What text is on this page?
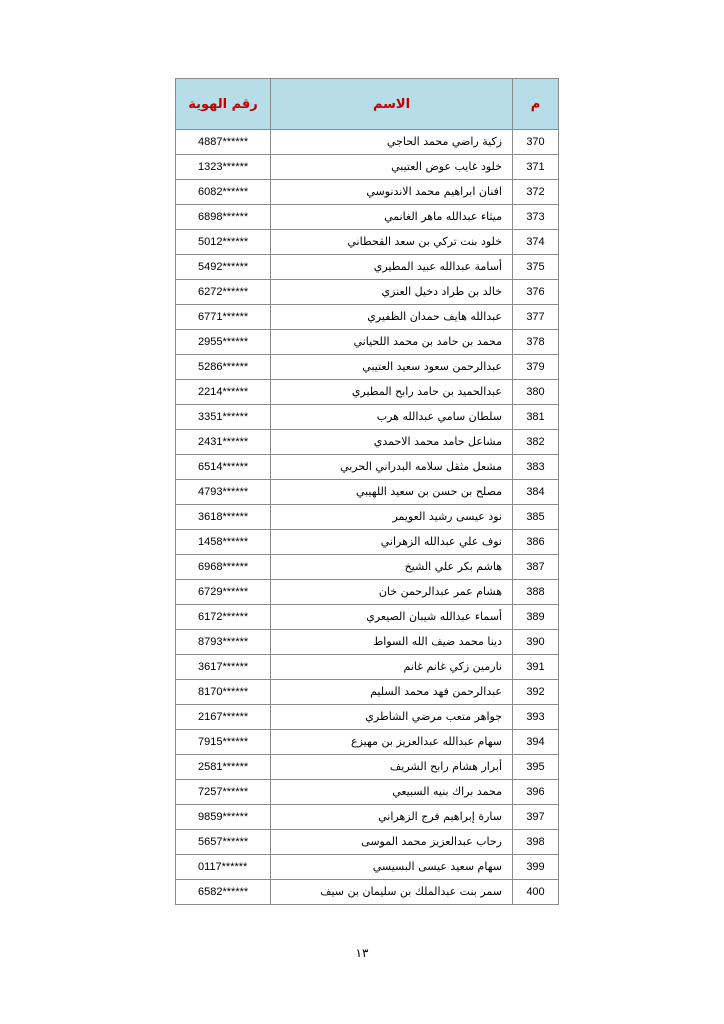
م	الاسم	رقم الهوية
370	زكية راضي محمد الحاجي	4887******
371	خلود غايب عوض العتيبي	1323******
372	افنان ابراهيم محمد الاندنوسي	6082******
373	ميثاء عبدالله ماهر الغانمي	6898******
374	خلود بنت تركي بن سعد القحطاني	5012******
375	أسامة عبدالله عبيد المطيري	5492******
376	خالد بن طراد دخيل العنزي	6272******
377	عبدالله هايف حمدان الظفيري	6771******
378	محمد بن حامد بن محمد اللحياني	2955******
379	عبدالرحمن سعود سعيد العتيبي	5286******
380	عبدالحميد بن حامد رابح المطيري	2214******
381	سلطان سامي عبدالله هرب	3351******
382	مشاعل حامد محمد الاحمدي	2431******
383	مشعل مثقل سلامه البدراني الحربي	6514******
384	مصلح بن حسن بن سعيد اللهيبي	4793******
385	نود عيسى رشيد العويمر	3618******
386	نوف علي عبدالله الزهراني	1458******
387	هاشم بكر علي الشيخ	6968******
388	هشام عمر عبدالرحمن خان	6729******
389	أسماء عبدالله شيبان الصيعري	6172******
390	دينا محمد ضيف الله السواط	8793******
391	نارمين زكي غانم غانم	3617******
392	عبدالرحمن فهد محمد السليم	8170******
393	جواهر متعب مرضي الشاطري	2167******
394	سهام عبدالله عبدالعزيز بن مهيزع	7915******
395	أبرار هشام رابح الشريف	2581******
396	محمد براك بنيه السبيعي	7257******
397	سارة إبراهيم فرج الزهراني	9859******
398	رحاب عبدالعزيز محمد الموسى	5657******
399	سهام سعيد عيسى البسيسي	0117******
400	سمر بنت عبدالملك بن سليمان بن سيف	6582******
١٣
